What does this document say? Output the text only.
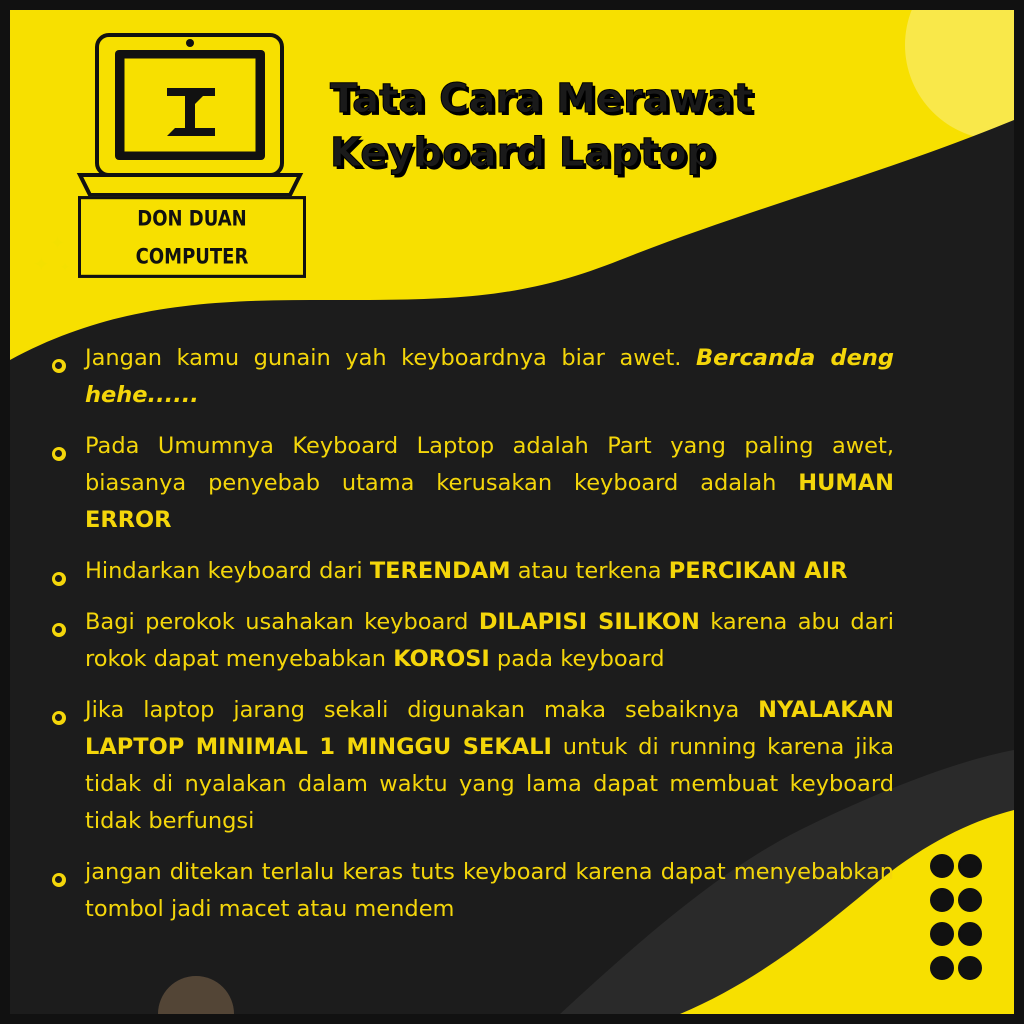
DON DUAN COMPUTER
✦
✦ ✦
Tata Cara Merawat
Keyboard Laptop
Jangan kamu gunain yah keyboardnya biar awet. Bercanda deng hehe......
Pada Umumnya Keyboard Laptop adalah Part yang paling awet, biasanya penyebab utama kerusakan keyboard adalah HUMAN ERROR
Hindarkan keyboard dari TERENDAM atau terkena PERCIKAN AIR
Bagi perokok usahakan keyboard DILAPISI SILIKON karena abu dari rokok dapat menyebabkan KOROSI pada keyboard
Jika laptop jarang sekali digunakan maka sebaiknya NYALAKAN LAPTOP MINIMAL 1 MINGGU SEKALI untuk di running karena jika tidak di nyalakan dalam waktu yang lama dapat membuat keyboard tidak berfungsi
jangan ditekan terlalu keras tuts keyboard karena dapat menyebabkan tombol jadi macet atau mendem
